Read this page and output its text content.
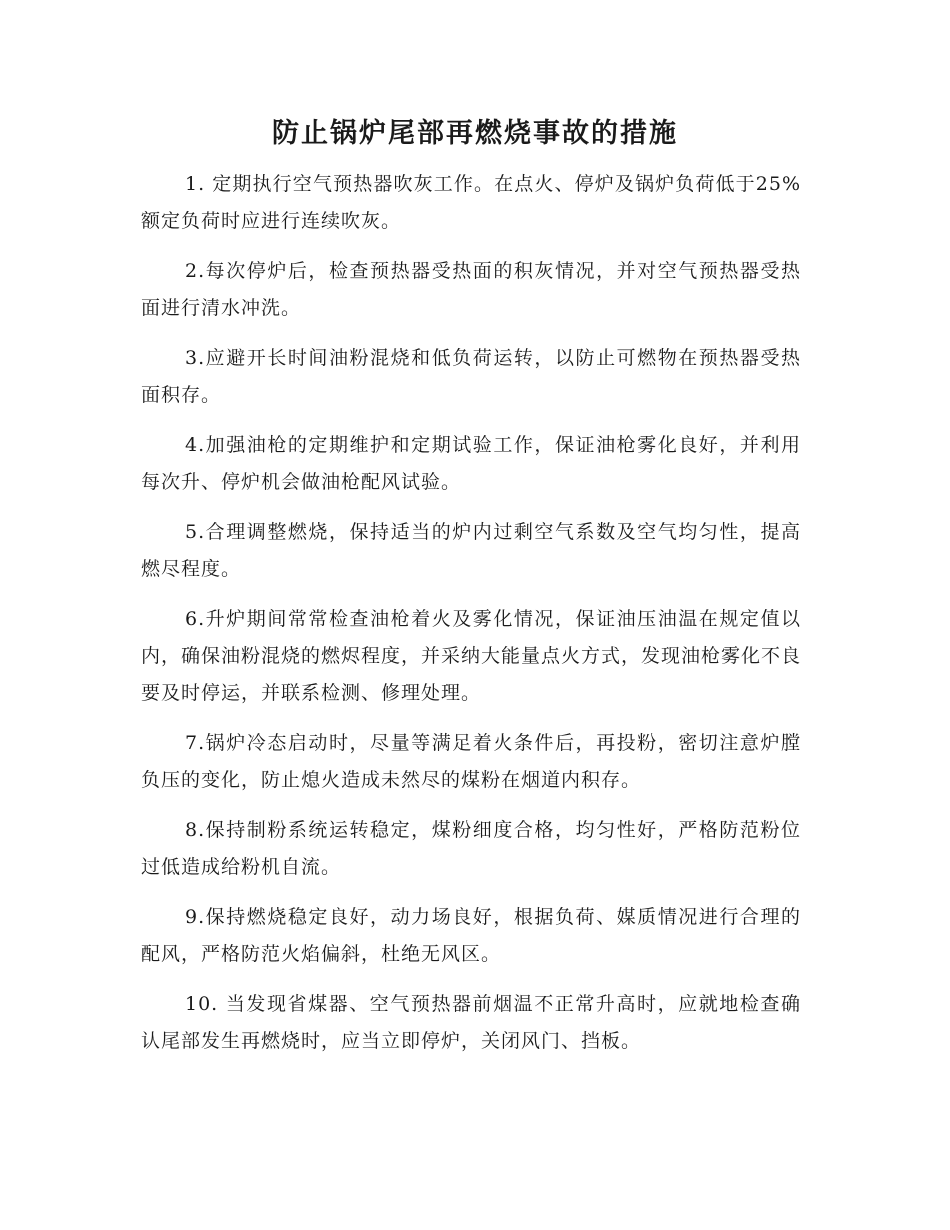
防止锅炉尾部再燃烧事故的措施

1. 定期执行空气预热器吹灰工作。在点火、停炉及锅炉负荷低于25%额定负荷时应进行连续吹灰。

2.每次停炉后，检查预热器受热面的积灰情况，并对空气预热器受热面进行清水冲洗。

3.应避开长时间油粉混烧和低负荷运转，以防止可燃物在预热器受热面积存。

4.加强油枪的定期维护和定期试验工作，保证油枪雾化良好，并利用每次升、停炉机会做油枪配风试验。

5.合理调整燃烧，保持适当的炉内过剩空气系数及空气均匀性，提高燃尽程度。

6.升炉期间常常检查油枪着火及雾化情况，保证油压油温在规定值以内，确保油粉混烧的燃烬程度，并采纳大能量点火方式，发现油枪雾化不良要及时停运，并联系检测、修理处理。

7.锅炉冷态启动时，尽量等满足着火条件后，再投粉，密切注意炉膛负压的变化，防止熄火造成未然尽的煤粉在烟道内积存。

8.保持制粉系统运转稳定，煤粉细度合格，均匀性好，严格防范粉位过低造成给粉机自流。

9.保持燃烧稳定良好，动力场良好，根据负荷、媒质情况进行合理的配风，严格防范火焰偏斜，杜绝无风区。

10. 当发现省煤器、空气预热器前烟温不正常升高时，应就地检查确认尾部发生再燃烧时，应当立即停炉，关闭风门、挡板。
